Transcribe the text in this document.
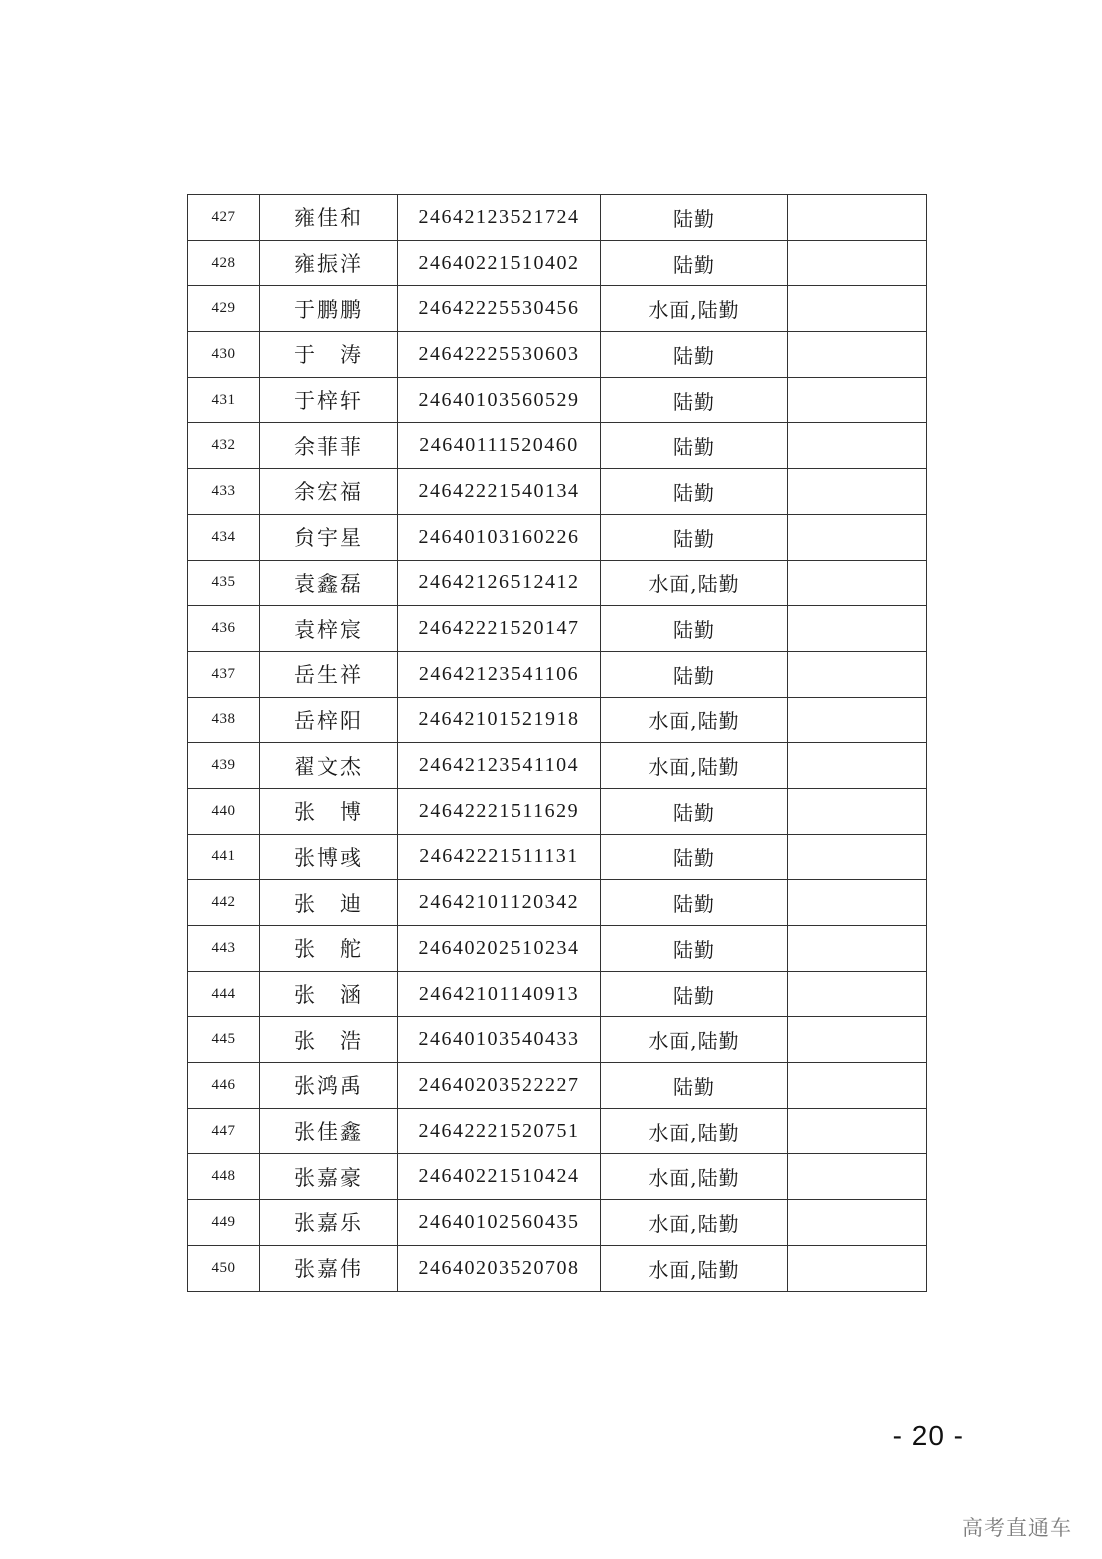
427	雍佳和	24642123521724	陆勤	
428	雍振洋	24640221510402	陆勤	
429	于鹏鹏	24642225530456	水面,陆勤	
430	于　涛	24642225530603	陆勤	
431	于梓轩	24640103560529	陆勤	
432	余菲菲	24640111520460	陆勤	
433	余宏福	24642221540134	陆勤	
434	贠宇星	24640103160226	陆勤	
435	袁鑫磊	24642126512412	水面,陆勤	
436	袁梓宸	24642221520147	陆勤	
437	岳生祥	24642123541106	陆勤	
438	岳梓阳	24642101521918	水面,陆勤	
439	翟文杰	24642123541104	水面,陆勤	
440	张　博	24642221511629	陆勤	
441	张博彧	24642221511131	陆勤	
442	张　迪	24642101120342	陆勤	
443	张　舵	24640202510234	陆勤	
444	张　涵	24642101140913	陆勤	
445	张　浩	24640103540433	水面,陆勤	
446	张鸿禹	24640203522227	陆勤	
447	张佳鑫	24642221520751	水面,陆勤	
448	张嘉豪	24640221510424	水面,陆勤	
449	张嘉乐	24640102560435	水面,陆勤	
450	张嘉伟	24640203520708	水面,陆勤	
- 20 -
高考直通车
